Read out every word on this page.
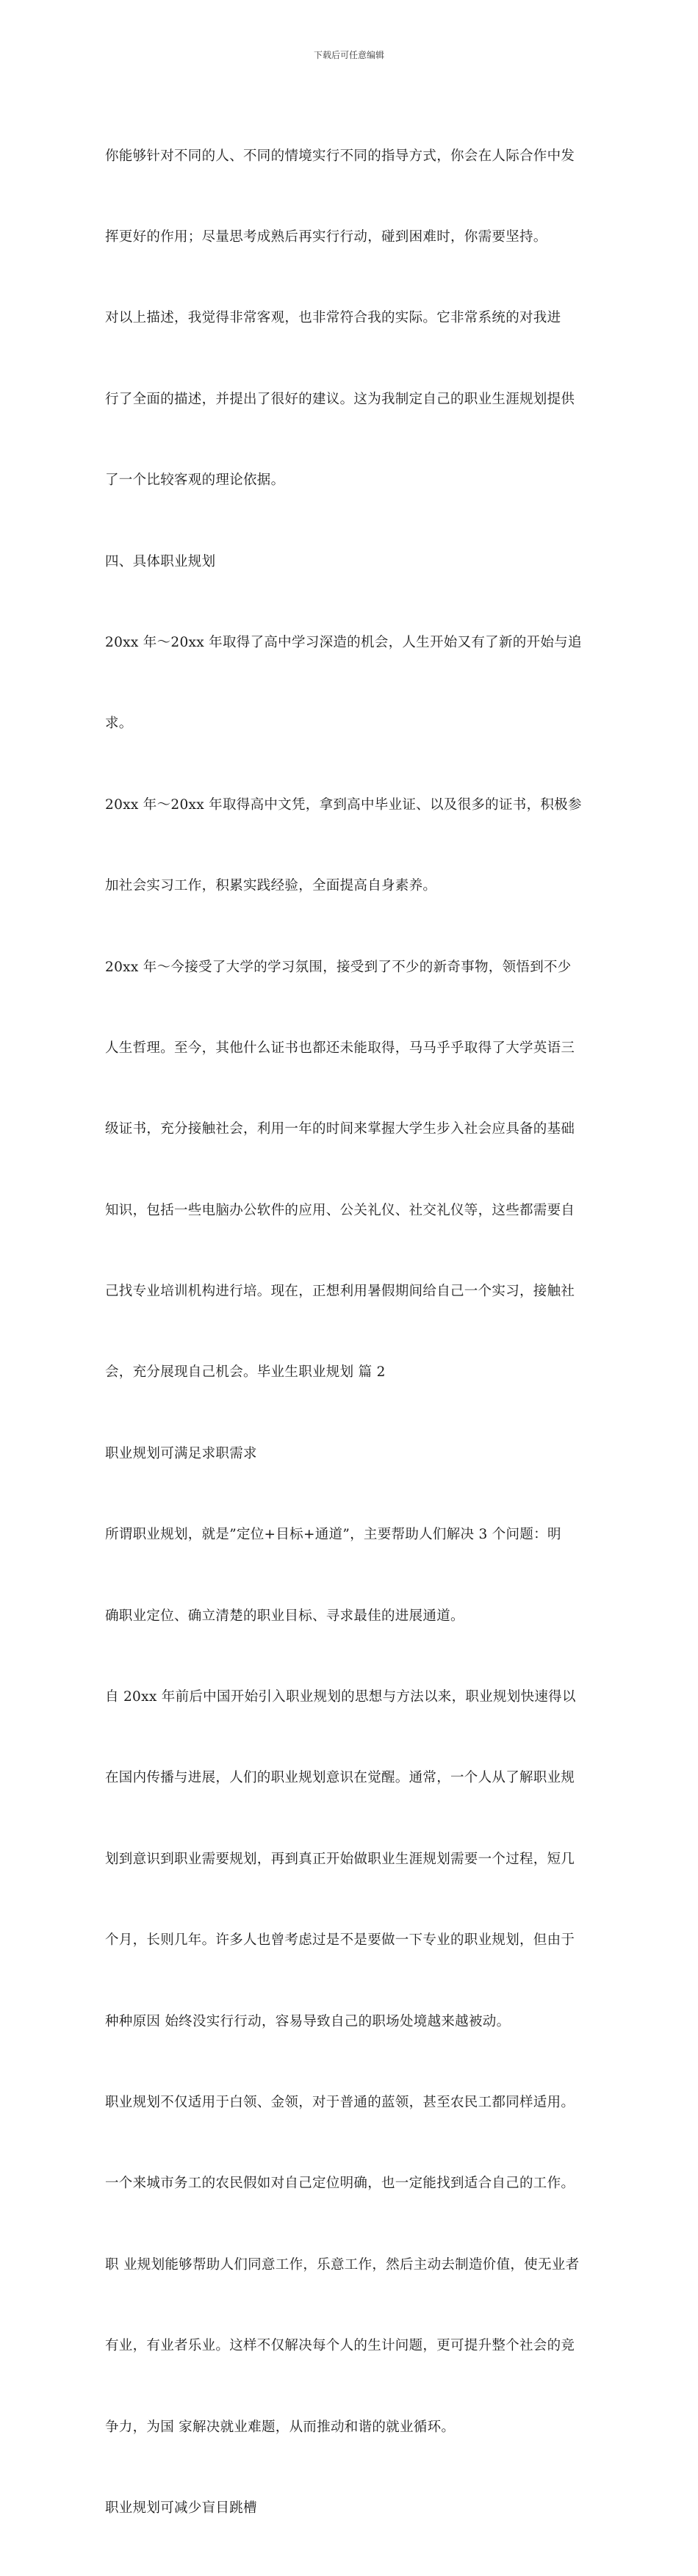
下载后可任意编辑

你能够针对不同的人、不同的情境实行不同的指导方式，你会在人际合作中发

挥更好的作用；尽量思考成熟后再实行行动，碰到困难时，你需要坚持。

对以上描述，我觉得非常客观，也非常符合我的实际。它非常系统的对我进

行了全面的描述，并提出了很好的建议。这为我制定自己的职业生涯规划提供

了一个比较客观的理论依据。

四、具体职业规划

20xx 年～20xx 年取得了高中学习深造的机会，人生开始又有了新的开始与追

求。

20xx 年～20xx 年取得高中文凭，拿到高中毕业证、以及很多的证书，积极参

加社会实习工作，积累实践经验，全面提高自身素养。

20xx 年～今接受了大学的学习氛围，接受到了不少的新奇事物，领悟到不少

人生哲理。至今，其他什么证书也都还未能取得，马马乎乎取得了大学英语三

级证书，充分接触社会，利用一年的时间来掌握大学生步入社会应具备的基础

知识，包括一些电脑办公软件的应用、公关礼仪、社交礼仪等，这些都需要自

己找专业培训机构进行培。现在，正想利用暑假期间给自己一个实习，接触社

会，充分展现自己机会。毕业生职业规划 篇 2

职业规划可满足求职需求

所谓职业规划，就是”定位+目标+通道”，主要帮助人们解决 3 个问题：明

确职业定位、确立清楚的职业目标、寻求最佳的进展通道。

自 20xx 年前后中国开始引入职业规划的思想与方法以来，职业规划快速得以

在国内传播与进展，人们的职业规划意识在觉醒。通常，一个人从了解职业规

划到意识到职业需要规划，再到真正开始做职业生涯规划需要一个过程，短几

个月，长则几年。许多人也曾考虑过是不是要做一下专业的职业规划，但由于

种种原因 始终没实行行动，容易导致自己的职场处境越来越被动。

职业规划不仅适用于白领、金领，对于普通的蓝领，甚至农民工都同样适用。

一个来城市务工的农民假如对自己定位明确，也一定能找到适合自己的工作。

职 业规划能够帮助人们同意工作，乐意工作，然后主动去制造价值，使无业者

有业，有业者乐业。这样不仅解决每个人的生计问题，更可提升整个社会的竞

争力，为国 家解决就业难题，从而推动和谐的就业循环。

职业规划可减少盲目跳槽
